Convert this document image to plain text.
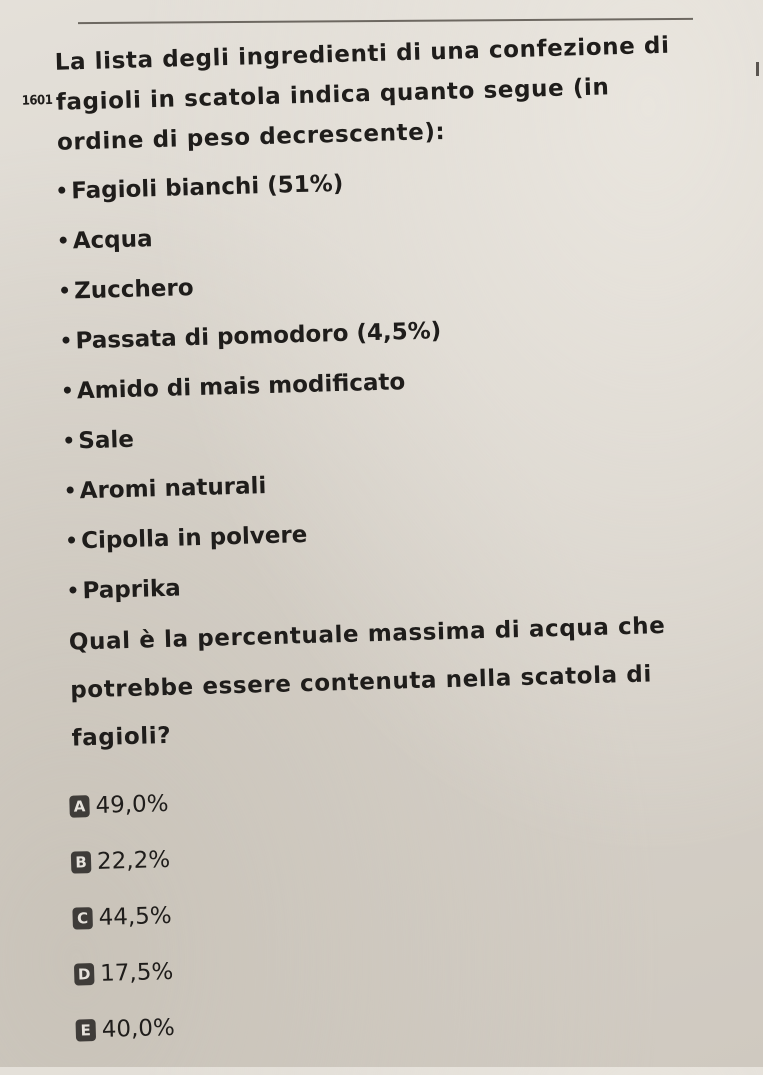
1601

La lista degli ingredienti di una confezione di

fagioli in scatola indica quanto segue (in

ordine di peso decrescente):

Fagioli bianchi (51%)
Acqua
Zucchero
Passata di pomodoro (4,5%)
Amido di mais modificato
Sale
Aromi naturali
Cipolla in polvere
Paprika

Qual è la percentuale massima di acqua che

potrebbe essere contenuta nella scatola di

fagioli?

A 49,0%
B 22,2%
C 44,5%
D 17,5%
E 40,0%
